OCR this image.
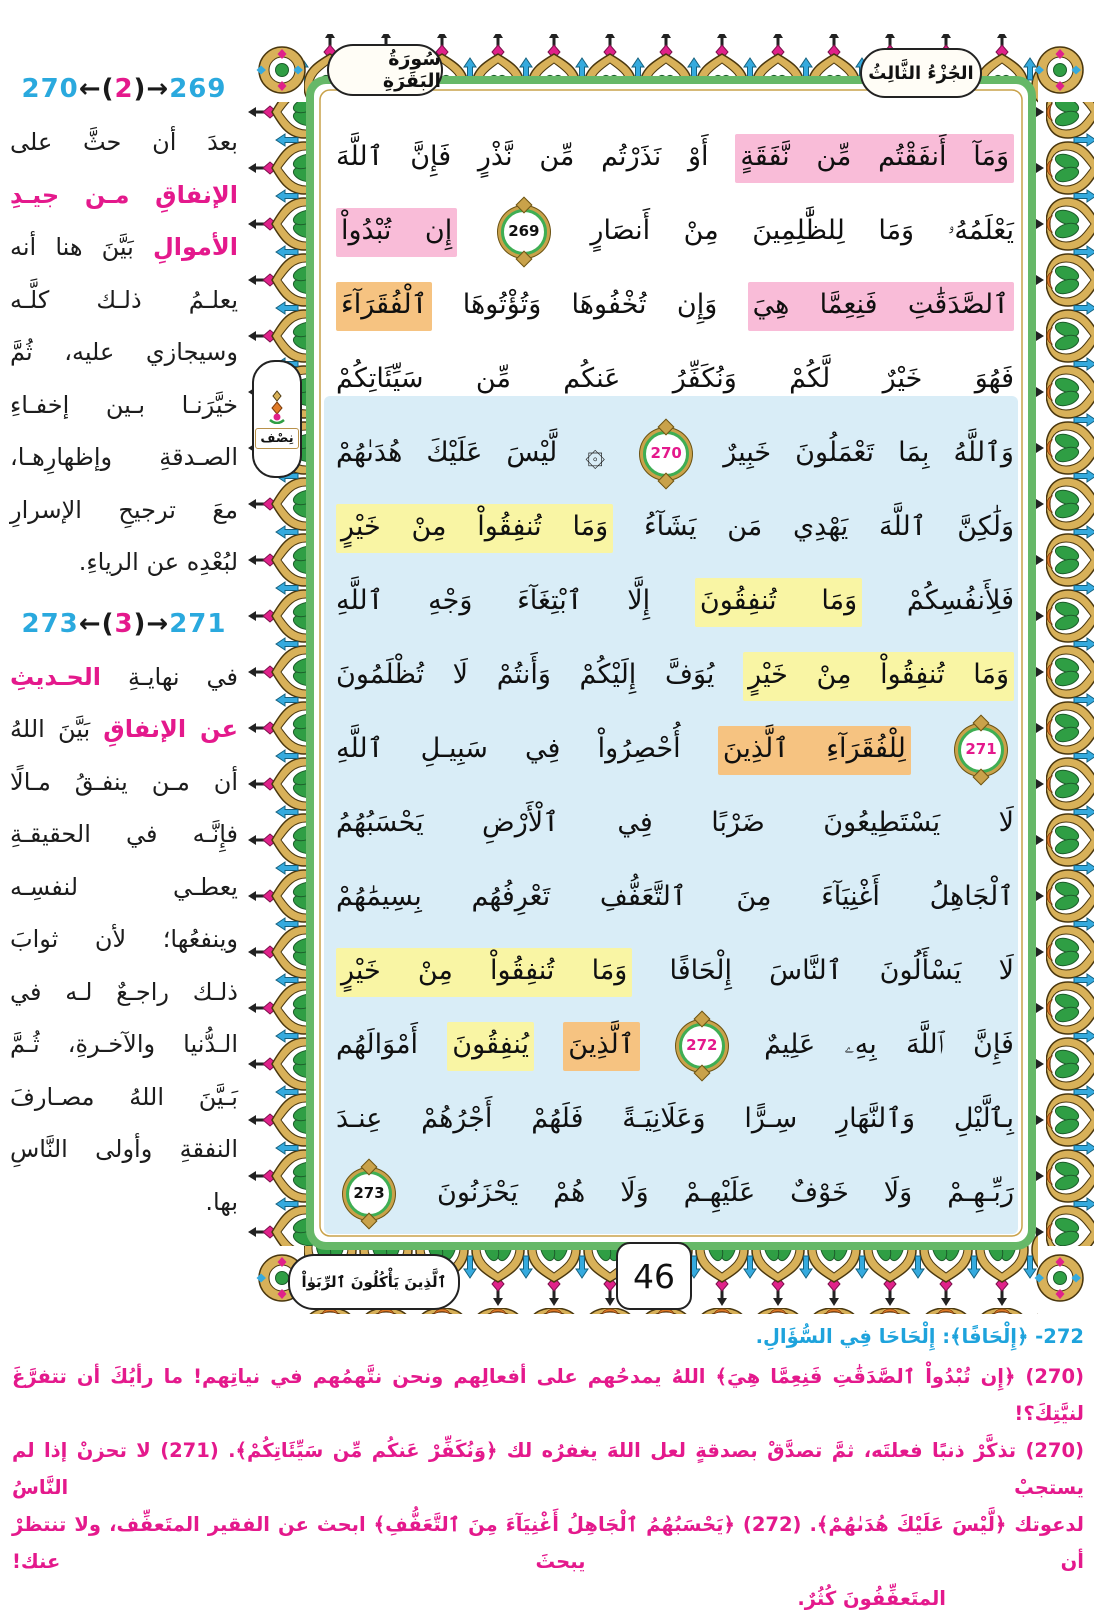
270←(2)→269
بعدَ أن حثَّ على
الإنفاقِ مـن جيـدِ
الأموالِ بَيَّنَ هنا أنه
يعلـمُ ذلـك كلَّـه
وسيجازي عليه، ثُمَّ
خيَّرَنـا بـين إخفـاءِ
الصـدقةِ وإظهارِهـا،
معَ ترجيحِ الإسرارِ
لبُعْدِه عن الرياءِ.
273←(3)→271
في نهايـةِ الحـديثِ
عن الإنفاقِ بَيَّنَ اللهُ
أن مـن ينفـقُ مـالًا
فإِنَّـه في الحقيقـةِ
يعطـي لنفسِـه
وينفعُها؛ لأن ثوابَ
ذلـك راجـعٌ لـه في
الـدُّنيا والآخـرةِ، ثُـمَّ
بَـيَّنَ اللهُ مصـارفَ
النفقةِ وأولى النَّاسِ
بها.
وَمَآ أَنفَقْتُم مِّن نَّفَقَةٍ أَوْ نَذَرْتُم مِّن نَّذْرٍ فَإِنَّ ٱللَّهَ
يَعْلَمُهُۥ وَمَا لِلظَّٰلِمِينَ مِنْ أَنصَارٍ
269
إِن تُبْدُواْ
ٱلصَّدَقَٰتِ فَنِعِمَّا هِيَ وَإِن تُخْفُوهَا وَتُؤْتُوهَا ٱلْفُقَرَآءَ
فَهُوَ خَيْرٌ لَّكُمْ وَنُكَفِّرُ عَنكُم مِّن سَيِّئَاتِكُمْ
وَٱللَّهُ بِمَا تَعْمَلُونَ خَبِيرٌ
270
۞ لَّيْسَ عَلَيْكَ هُدَىٰهُمْ
وَلَٰكِنَّ ٱللَّهَ يَهْدِي مَن يَشَآءُ وَمَا تُنفِقُواْ مِنْ خَيْرٍ
فَلِأَنفُسِكُمْ وَمَا تُنفِقُونَ إِلَّا ٱبْتِغَآءَ وَجْهِ ٱللَّهِ
وَمَا تُنفِقُواْ مِنْ خَيْرٍ يُوَفَّ إِلَيْكُمْ وَأَنتُمْ لَا تُظْلَمُونَ
271
لِلْفُقَرَآءِ ٱلَّذِينَ أُحْصِرُواْ فِي سَبِيـلِ ٱللَّهِ
لَا يَسْتَطِيعُونَ ضَرْبًا فِي ٱلْأَرْضِ يَحْسَبُهُمُ
ٱلْجَاهِلُ أَغْنِيَآءَ مِنَ ٱلتَّعَفُّفِ تَعْرِفُهُم بِسِيمَٰهُمْ
لَا يَسْأَلُونَ ٱلنَّاسَ إِلْحَافًا وَمَا تُنفِقُواْ مِنْ خَيْرٍ
فَإِنَّ ٱللَّهَ بِهِۦ عَلِيمٌ
272
ٱلَّذِينَ يُنفِقُونَ أَمْوَالَهُم
بِٱلَّيْلِ وَٱلنَّهَارِ سِـرًّا وَعَلَانِيَـةً فَلَهُمْ أَجْرُهُمْ عِنـدَ
رَبِّـهِـمْ وَلَا خَوْفٌ عَلَيْهِـمْ وَلَا هُمْ يَحْزَنُونَ
273
سُورَةُ البَقَرَةِ	الجُزْءُ الثَّالِثُ
نِصْف
46
ٱلَّذِينَ يَأْكُلُونَ ٱلرِّبَوٰاْ
272- ﴿إِلْحَافًا﴾: إِلْحَاحَا فِي السُّؤَالِ.
(270) ﴿إِن تُبْدُواْ ٱلصَّدَقَٰتِ فَنِعِمَّا هِيَ﴾ اللهُ يمدحُهم على أفعالِهم ونحن نتَّهمُهم في نياتِهم! ما رأيُكَ أن تتفرَّغَ لنيَّتِكَ؟!
(270) تذكَّرْ ذنبًا فعلتَه، ثمَّ تصدَّقْ بصدقةٍ لعل اللهَ يغفرُه لك ﴿وَنُكَفِّرْ عَنكُم مِّن سَيِّئَاتِكُمْ﴾. (271) لا تحزنْ إذا لم يستجبْ النَّاسُ
لدعوتك ﴿لَّيْسَ عَلَيْكَ هُدَىٰهُمْ﴾. (272) ﴿يَحْسَبُهُمُ ٱلْجَاهِلُ أَغْنِيَآءَ مِنَ ٱلتَّعَفُّفِ﴾ ابحث عن الفقير المتَعفِّف، ولا تنتظرْ أن يبحثَ عنك!
المتَعفِّفُونَ كُثُرٌ.
